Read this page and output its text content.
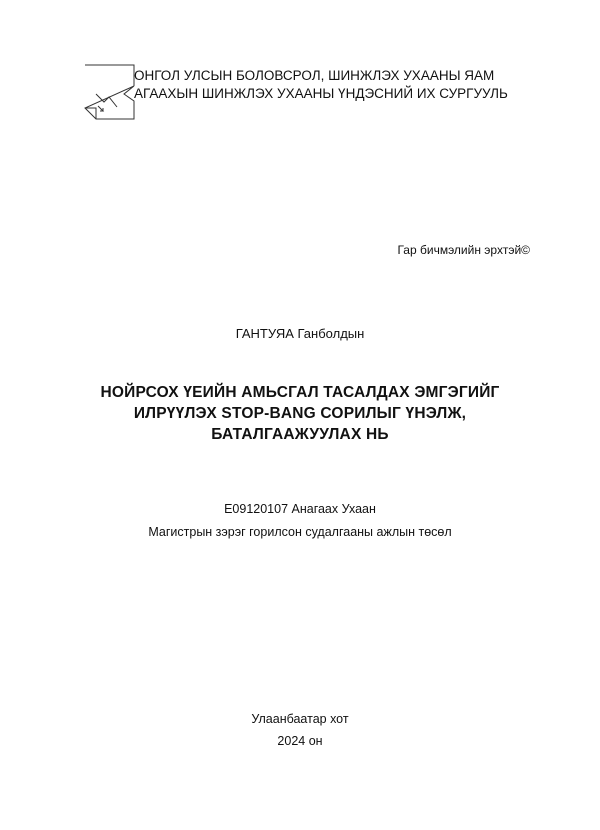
ОНГОЛ УЛСЫН БОЛОВСРОЛ, ШИНЖЛЭХ УХААНЫ ЯАМ
АГААХЫН ШИНЖЛЭХ УХААНЫ ҮНДЭСНИЙ ИХ СУРГУУЛЬ
Гар бичмэлийн эрхтэй©
ГАНТУЯА Ганболдын
НОЙРСОХ ҮЕИЙН АМЬСГАЛ ТАСАЛДАХ ЭМГЭГИЙГ
ИЛРҮҮЛЭХ STOP-BANG СОРИЛЫГ ҮНЭЛЖ,
БАТАЛГААЖУУЛАХ НЬ
E09120107 Анагаах Ухаан
Магистрын зэрэг горилсон судалгааны ажлын төсөл
Улаанбаатар хот
2024 он
